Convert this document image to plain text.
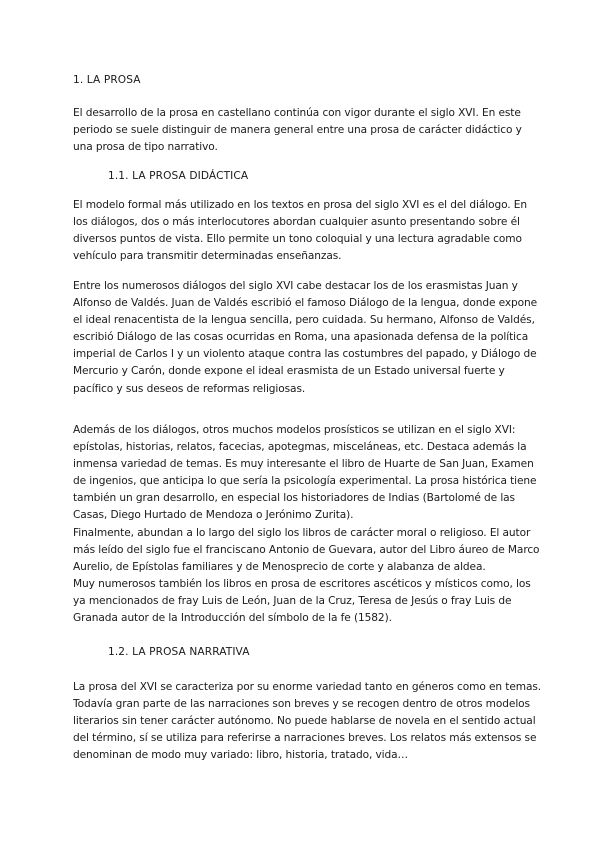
1. LA PROSA
El desarrollo de la prosa en castellano continúa con vigor durante el siglo XVI. En este periodo se suele distinguir de manera general entre una prosa de carácter didáctico y una prosa de tipo narrativo.
1.1. LA PROSA DIDÁCTICA
El modelo formal más utilizado en los textos en prosa del siglo XVI es el del diálogo. En los diálogos, dos o más interlocutores abordan cualquier asunto presentando sobre él diversos puntos de vista. Ello permite un tono coloquial y una lectura agradable como vehículo para transmitir determinadas enseñanzas.
Entre los numerosos diálogos del siglo XVI cabe destacar los de los erasmistas Juan y Alfonso de Valdés. Juan de Valdés escribió el famoso Diálogo de la lengua, donde expone el ideal renacentista de la lengua sencilla, pero cuidada. Su hermano, Alfonso de Valdés, escribió Diálogo de las cosas ocurridas en Roma, una apasionada defensa de la política imperial de Carlos I y un violento ataque contra las costumbres del papado, y Diálogo de Mercurio y Carón, donde expone el ideal erasmista de un Estado universal fuerte y pacífico y sus deseos de reformas religiosas.
Además de los diálogos, otros muchos modelos prosísticos se utilizan en el siglo XVI: epístolas, historias, relatos, facecias, apotegmas, misceláneas, etc. Destaca además la inmensa variedad de temas. Es muy interesante el libro de Huarte de San Juan, Examen de ingenios, que anticipa lo que sería la psicología experimental. La prosa histórica tiene también un gran desarrollo, en especial los historiadores de Indias (Bartolomé de las Casas, Diego Hurtado de Mendoza o Jerónimo Zurita).
Finalmente, abundan a lo largo del siglo los libros de carácter moral o religioso. El autor más leído del siglo fue el franciscano Antonio de Guevara, autor del Libro áureo de Marco Aurelio, de Epístolas familiares y de Menosprecio de corte y alabanza de aldea.
Muy numerosos también los libros en prosa de escritores ascéticos y místicos como, los ya mencionados de fray Luis de León, Juan de la Cruz, Teresa de Jesús o fray Luis de Granada autor de la Introducción del símbolo de la fe (1582).
1.2. LA PROSA NARRATIVA
La prosa del XVI se caracteriza por su enorme variedad tanto en géneros como en temas. Todavía gran parte de las narraciones son breves y se recogen dentro de otros modelos literarios sin tener carácter autónomo. No puede hablarse de novela en el sentido actual del término, sí se utiliza para referirse a narraciones breves. Los relatos más extensos se denominan de modo muy variado: libro, historia, tratado, vida…
